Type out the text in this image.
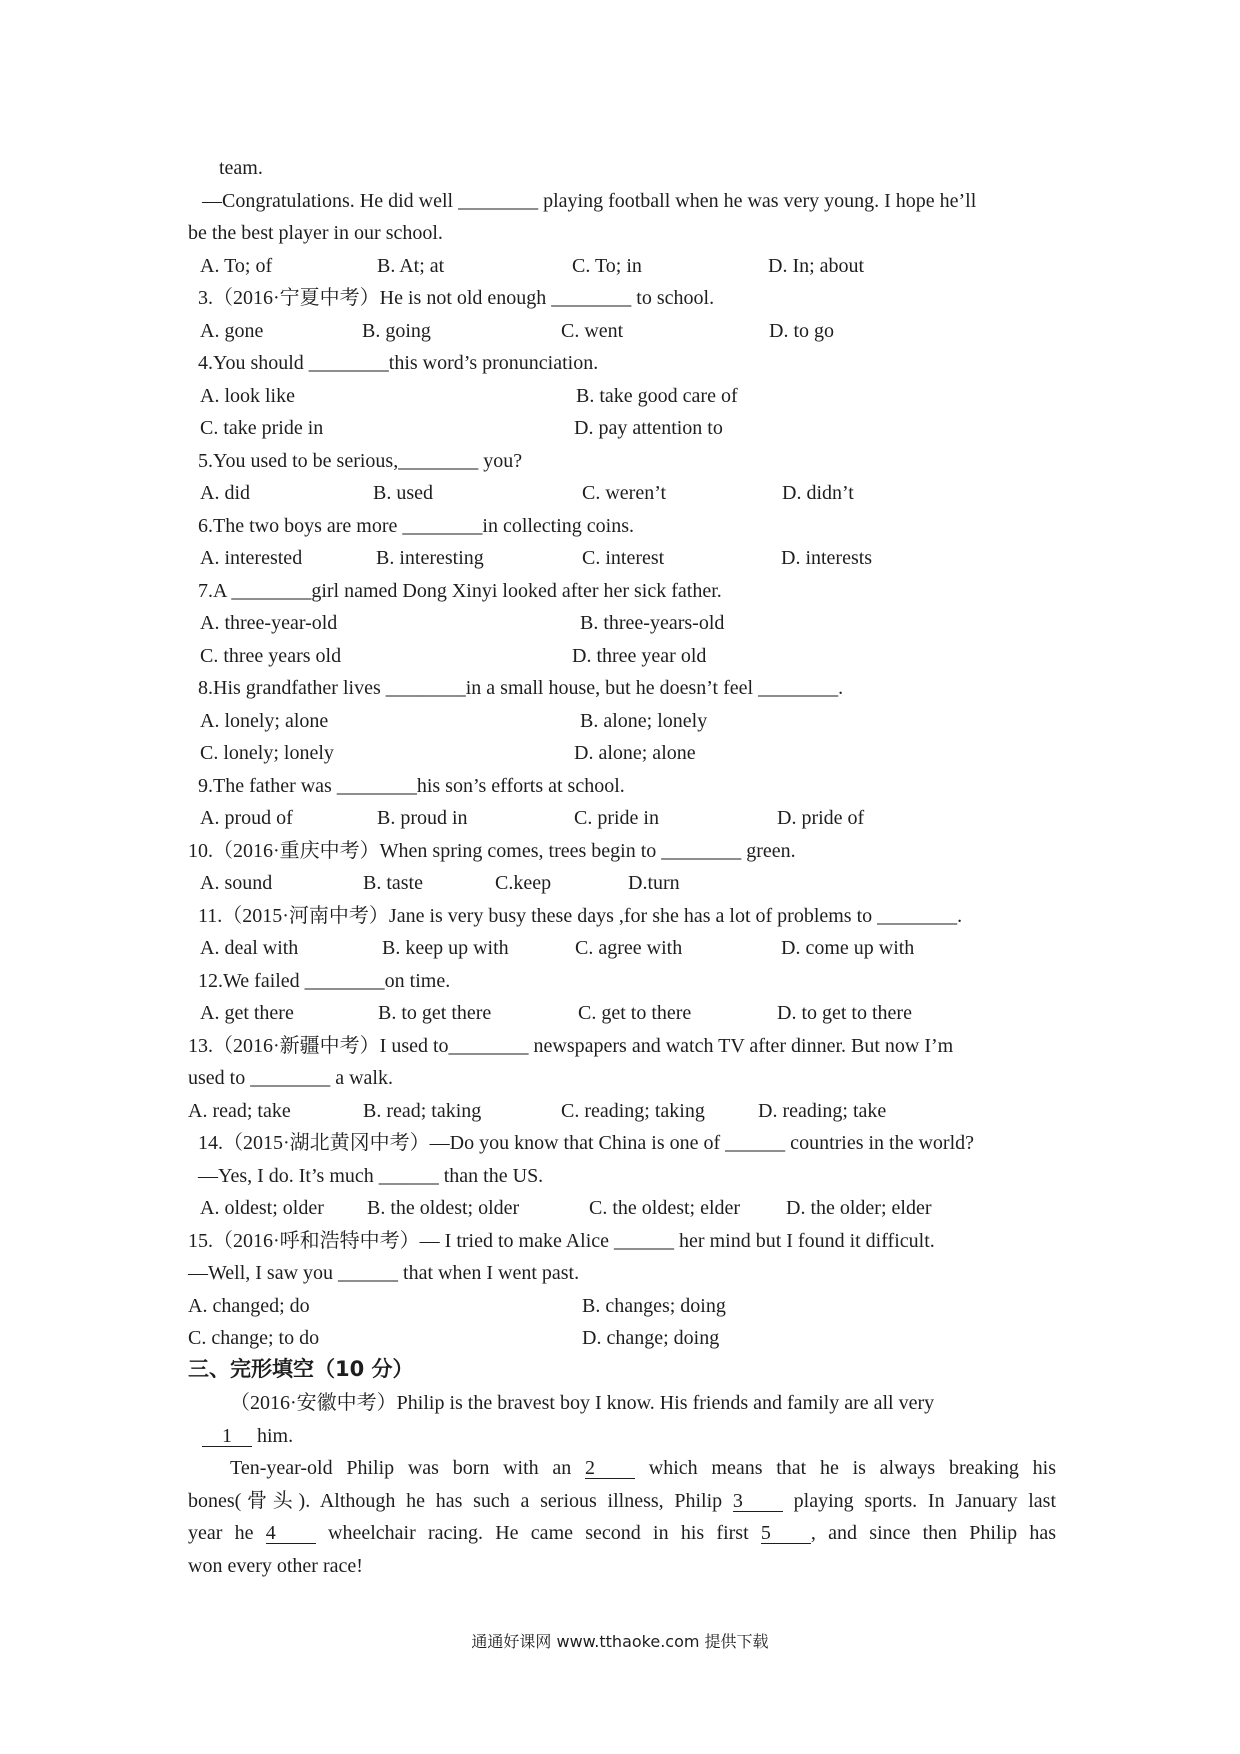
team.
—Congratulations. He did well ________ playing football when he was very young. I hope he’ll
be the best player in our school.
A. To; of	B. At; at	C. To; in	D. In; about
3.（2016·宁夏中考）He is not old enough ________ to school.
A. gone	B. going	C. went	D. to go
4.You should ________this word’s pronunciation.
A. look like	B. take good care of
C. take pride in	D. pay attention to
5.You used to be serious,________ you?
A. did	B. used	C. weren’t	D. didn’t
6.The two boys are more ________in collecting coins.
A. interested	B. interesting	C. interest	D. interests
7.A ________girl named Dong Xinyi looked after her sick father.
A. three-year-old	B. three-years-old
C. three years old	D. three year old
8.His grandfather lives ________in a small house, but he doesn’t feel ________.
A. lonely; alone	B. alone; lonely
C. lonely; lonely	D. alone; alone
9.The father was ________his son’s efforts at school.
A. proud of	B. proud in	C. pride in	D. pride of
10.（2016·重庆中考）When spring comes, trees begin to ________ green.
A. sound	B. taste	C.keep	D.turn
11.（2015·河南中考）Jane is very busy these days ,for she has a lot of problems to ________.
A. deal with	B. keep up with	C. agree with	D. come up with
12.We failed ________on time.
A. get there	B. to get there	C. get to there	D. to get to there
13.（2016·新疆中考）I used to________ newspapers and watch TV after dinner. But now I’m
used to ________ a walk.
A. read; take	B. read; taking	C. reading; taking	D. reading; take
14.（2015·湖北黄冈中考）—Do you know that China is one of ______ countries in the world?
—Yes, I do. It’s much ______ than the US.
A. oldest; older B. the oldest; older	C. the oldest; elder D. the older; elder
15.（2016·呼和浩特中考）— I tried to make Alice ______ her mind but I found it difficult.
—Well, I saw you ______ that when I went past.
A. changed; do	B. changes; doing
C. change; to do	D. change; doing
三、完形填空（10 分）
（2016·安徽中考）Philip is the bravest boy I know. His friends and family are all very
1 him.
Ten-year-old Philip was born with an 2	which means that he is always breaking his
bones(骨头). Although he has such a serious illness, Philip 3	playing sports. In January last
year he 4	wheelchair racing. He came second in his first 5 , and since then Philip has
won every other race!
通通好课网 www.tthaoke.com 提供下载
